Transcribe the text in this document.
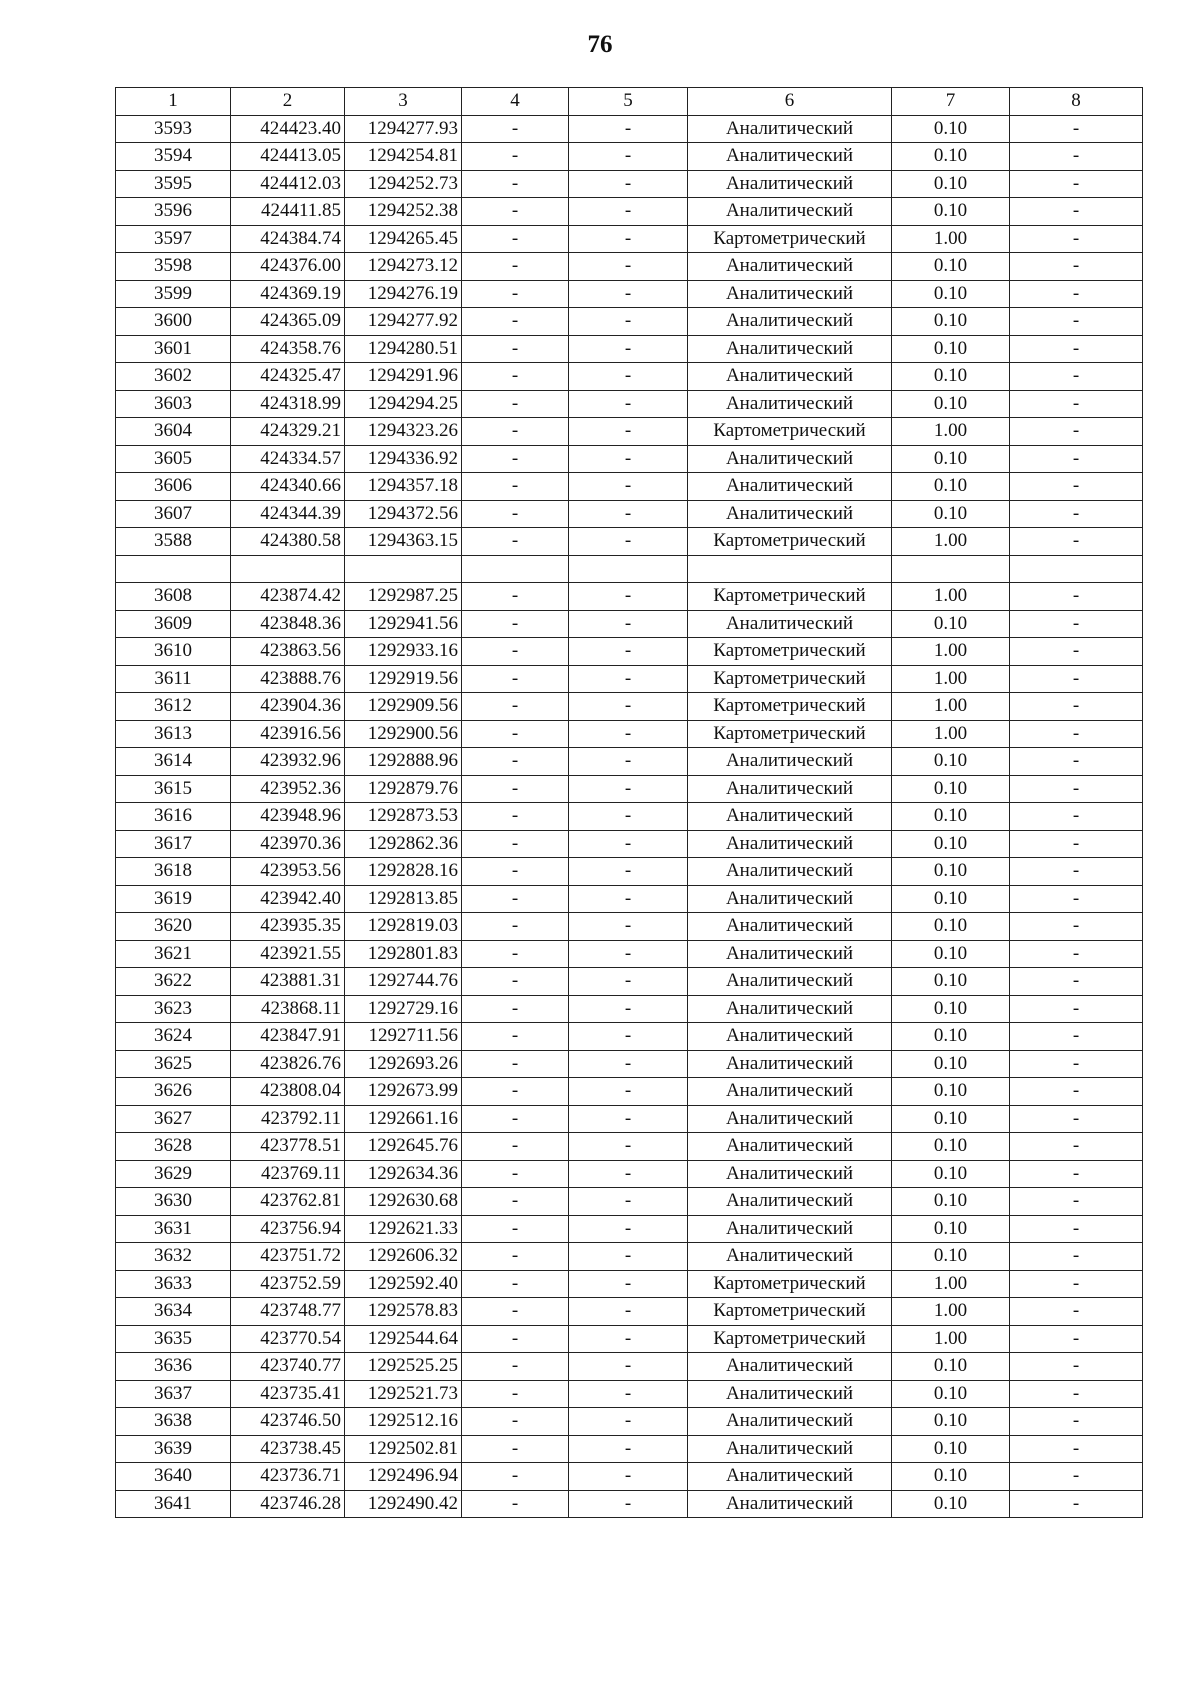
76
1	2	3	4	5	6	7	8
3593	424423.40	1294277.93	-	-	Аналитический	0.10	-
3594	424413.05	1294254.81	-	-	Аналитический	0.10	-
3595	424412.03	1294252.73	-	-	Аналитический	0.10	-
3596	424411.85	1294252.38	-	-	Аналитический	0.10	-
3597	424384.74	1294265.45	-	-	Картометрический	1.00	-
3598	424376.00	1294273.12	-	-	Аналитический	0.10	-
3599	424369.19	1294276.19	-	-	Аналитический	0.10	-
3600	424365.09	1294277.92	-	-	Аналитический	0.10	-
3601	424358.76	1294280.51	-	-	Аналитический	0.10	-
3602	424325.47	1294291.96	-	-	Аналитический	0.10	-
3603	424318.99	1294294.25	-	-	Аналитический	0.10	-
3604	424329.21	1294323.26	-	-	Картометрический	1.00	-
3605	424334.57	1294336.92	-	-	Аналитический	0.10	-
3606	424340.66	1294357.18	-	-	Аналитический	0.10	-
3607	424344.39	1294372.56	-	-	Аналитический	0.10	-
3588	424380.58	1294363.15	-	-	Картометрический	1.00	-

3608	423874.42	1292987.25	-	-	Картометрический	1.00	-
3609	423848.36	1292941.56	-	-	Аналитический	0.10	-
3610	423863.56	1292933.16	-	-	Картометрический	1.00	-
3611	423888.76	1292919.56	-	-	Картометрический	1.00	-
3612	423904.36	1292909.56	-	-	Картометрический	1.00	-
3613	423916.56	1292900.56	-	-	Картометрический	1.00	-
3614	423932.96	1292888.96	-	-	Аналитический	0.10	-
3615	423952.36	1292879.76	-	-	Аналитический	0.10	-
3616	423948.96	1292873.53	-	-	Аналитический	0.10	-
3617	423970.36	1292862.36	-	-	Аналитический	0.10	-
3618	423953.56	1292828.16	-	-	Аналитический	0.10	-
3619	423942.40	1292813.85	-	-	Аналитический	0.10	-
3620	423935.35	1292819.03	-	-	Аналитический	0.10	-
3621	423921.55	1292801.83	-	-	Аналитический	0.10	-
3622	423881.31	1292744.76	-	-	Аналитический	0.10	-
3623	423868.11	1292729.16	-	-	Аналитический	0.10	-
3624	423847.91	1292711.56	-	-	Аналитический	0.10	-
3625	423826.76	1292693.26	-	-	Аналитический	0.10	-
3626	423808.04	1292673.99	-	-	Аналитический	0.10	-
3627	423792.11	1292661.16	-	-	Аналитический	0.10	-
3628	423778.51	1292645.76	-	-	Аналитический	0.10	-
3629	423769.11	1292634.36	-	-	Аналитический	0.10	-
3630	423762.81	1292630.68	-	-	Аналитический	0.10	-
3631	423756.94	1292621.33	-	-	Аналитический	0.10	-
3632	423751.72	1292606.32	-	-	Аналитический	0.10	-
3633	423752.59	1292592.40	-	-	Картометрический	1.00	-
3634	423748.77	1292578.83	-	-	Картометрический	1.00	-
3635	423770.54	1292544.64	-	-	Картометрический	1.00	-
3636	423740.77	1292525.25	-	-	Аналитический	0.10	-
3637	423735.41	1292521.73	-	-	Аналитический	0.10	-
3638	423746.50	1292512.16	-	-	Аналитический	0.10	-
3639	423738.45	1292502.81	-	-	Аналитический	0.10	-
3640	423736.71	1292496.94	-	-	Аналитический	0.10	-
3641	423746.28	1292490.42	-	-	Аналитический	0.10	-
